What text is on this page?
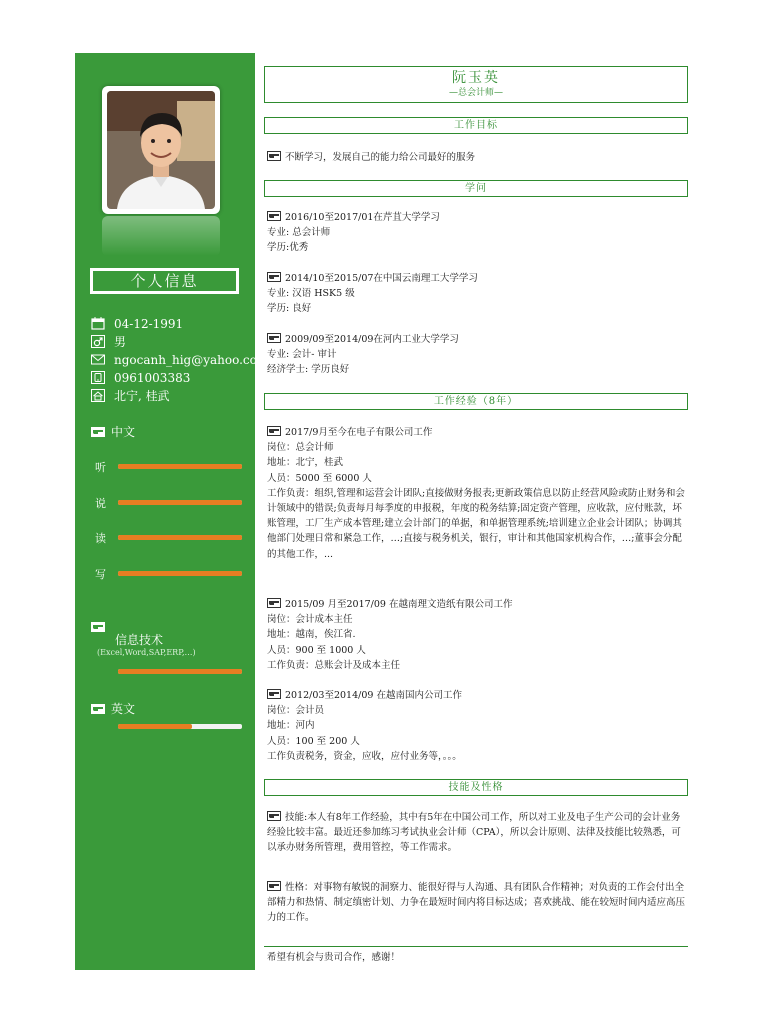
个人信息
04-12-1991
男
ngocanh_hig@yahoo.com
0961003383
北宁, 桂武
中文
听
说
读
写
信息技术
(Excel,Word,SAP,ERP,…)
英文
阮玉英
—总会计师—
工作目标
不断学习，发展自己的能力给公司最好的服务
学问
2016/10至2017/01在芹苴大学学习
专业: 总会计师
学历:优秀
2014/10至2015/07在中国云南理工大学学习
专业: 汉语 HSK5 级
学历: 良好
2009/09至2014/09在河内工业大学学习
专业: 会计- 审计
经济学士: 学历良好
工作经验（8年）
2017/9月至今在电子有限公司工作
岗位：总会计师
地址：北宁，桂武
人员：5000 至 6000 人
工作负责：组织,管理和运营会计团队;直接做财务报表;更新政策信息以防止经营风险或防止财务和会计领域中的错误;负责每月每季度的申报税，年度的税务结算;固定资产管理，应收款，应付账款，坏账管理，工厂生产成本管理;建立会计部门的单据，和单据管理系统;培训建立企业会计团队；协调其他部门处理日常和紧急工作，…;直接与税务机关，银行，审计和其他国家机构合作，…;董事会分配的其他工作，...
2015/09 月至2017/09 在越南理文造纸有限公司工作
岗位：会计成本主任
地址：越南，俟江省.
人员：900 至 1000 人
工作负责：总账会计及成本主任
2012/03至2014/09 在越南国内公司工作
岗位：会计员
地址：河内
人员：100 至 200 人
工作负责税务，资金，应收，应付业务等，。。。
技能及性格
技能:本人有8年工作经验，其中有5年在中国公司工作，所以对工业及电子生产公司的会计业务经验比较丰富。最近还参加练习考试执业会计师（CPA），所以会计原则、法律及技能比较熟悉，可以承办财务所管理，费用管控，等工作需求。
性格：对事物有敏锐的洞察力、能很好得与人沟通、具有团队合作精神；对负责的工作会付出全部精力和热情、制定缜密计划、力争在最短时间内将目标达成；喜欢挑战、能在较短时间内适应高压力的工作。
希望有机会与贵司合作，感谢！
